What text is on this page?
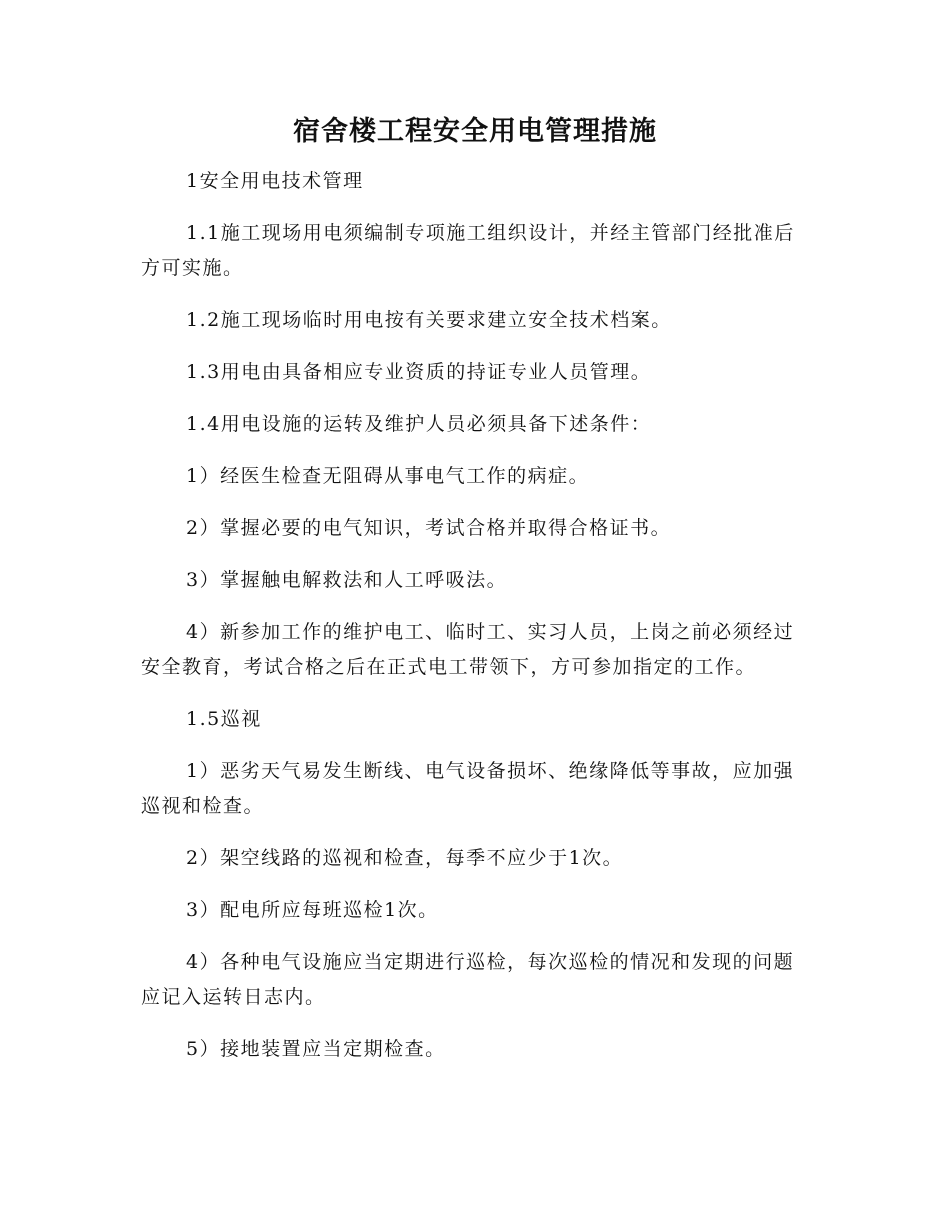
宿舍楼工程安全用电管理措施

1安全用电技术管理

1.1施工现场用电须编制专项施工组织设计，并经主管部门经批准后方可实施。

1.2施工现场临时用电按有关要求建立安全技术档案。

1.3用电由具备相应专业资质的持证专业人员管理。

1.4用电设施的运转及维护人员必须具备下述条件：

1）经医生检查无阻碍从事电气工作的病症。

2）掌握必要的电气知识，考试合格并取得合格证书。

3）掌握触电解救法和人工呼吸法。

4）新参加工作的维护电工、临时工、实习人员，上岗之前必须经过安全教育，考试合格之后在正式电工带领下，方可参加指定的工作。

1.5巡视

1）恶劣天气易发生断线、电气设备损坏、绝缘降低等事故，应加强巡视和检查。

2）架空线路的巡视和检查，每季不应少于1次。

3）配电所应每班巡检1次。

4）各种电气设施应当定期进行巡检，每次巡检的情况和发现的问题应记入运转日志内。

5）接地装置应当定期检查。
